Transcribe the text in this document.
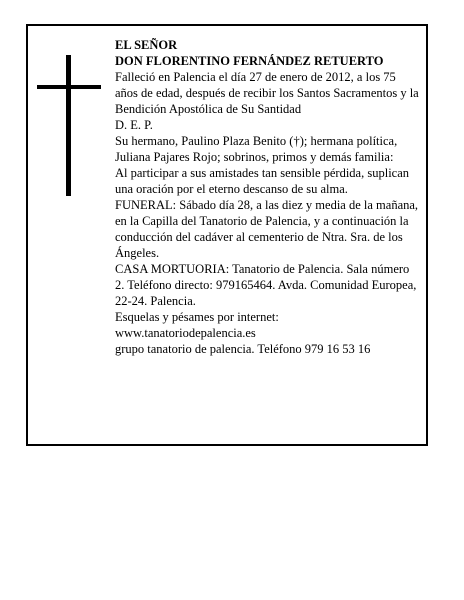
EL SEÑOR

DON FLORENTINO FERNÁNDEZ RETUERTO

Falleció en Palencia el día 27 de enero de 2012, a los 75 años de edad, después de recibir los Santos Sacramentos y la Bendición Apostólica de Su Santidad

D. E. P.

Su hermano, Paulino Plaza Benito (†); hermana política, Juliana Pajares Rojo; sobrinos, primos y demás familia:

Al participar a sus amistades tan sensible pérdida, suplican una oración por el eterno descanso de su alma.

FUNERAL: Sábado día 28, a las diez y media de la mañana, en la Capilla del Tanatorio de Palencia, y a continuación la conducción del cadáver al cementerio de Ntra. Sra. de los Ángeles.

CASA MORTUORIA: Tanatorio de Palencia. Sala número 2. Teléfono directo: 979165464. Avda. Comunidad Europea, 22-24. Palencia.

Esquelas y pésames por internet:

www.tanatoriodepalencia.es

grupo tanatorio de palencia. Teléfono 979 16 53 16
